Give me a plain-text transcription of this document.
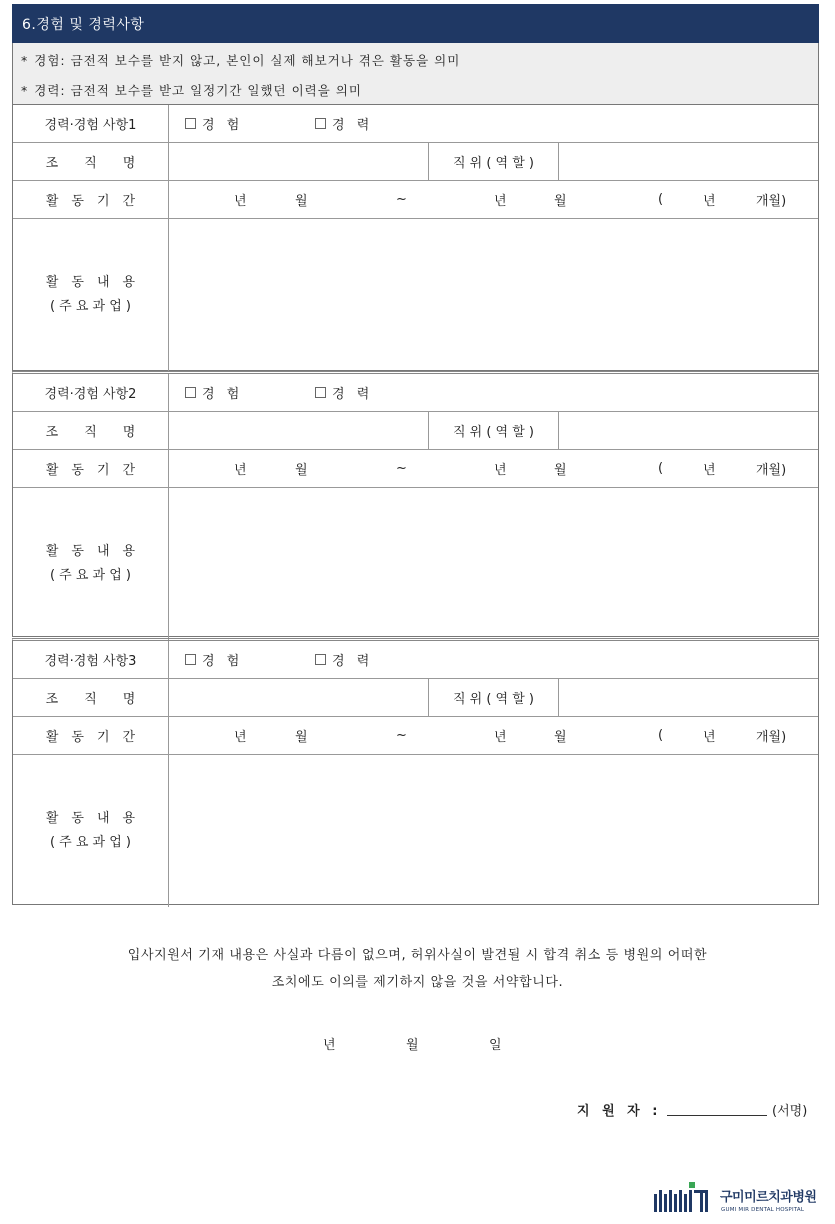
6.경험 및 경력사항
* 경험: 금전적 보수를 받지 않고, 본인이 실제 해보거나 겪은 활동을 의미
* 경력: 금전적 보수를 받고 일정기간 일했던 이력을 의미
경력·경험 사항1	경 험	경 력
조　　직　　명	직 위 ( 역 할 )
활　동　기　간	년	월	~	년	월	(	년	개월)
활　동　내　용
( 주 요 과 업 )
경력·경험 사항2	경 험	경 력
조　　직　　명	직 위 ( 역 할 )
활　동　기　간	년	월	~	년	월	(	년	개월)
활　동　내　용
( 주 요 과 업 )
경력·경험 사항3	경 험	경 력
조　　직　　명	직 위 ( 역 할 )
활　동　기　간	년	월	~	년	월	(	년	개월)
활　동　내　용
( 주 요 과 업 )
입사지원서 기재 내용은 사실과 다름이 없으며, 허위사실이 발견될 시 합격 취소 등 병원의 어떠한
조치에도 이의를 제기하지 않을 것을 서약합니다.
년	월	일
지 원 자 :	(서명)
구미미르치과병원
GUMI MIR DENTAL HOSPITAL
